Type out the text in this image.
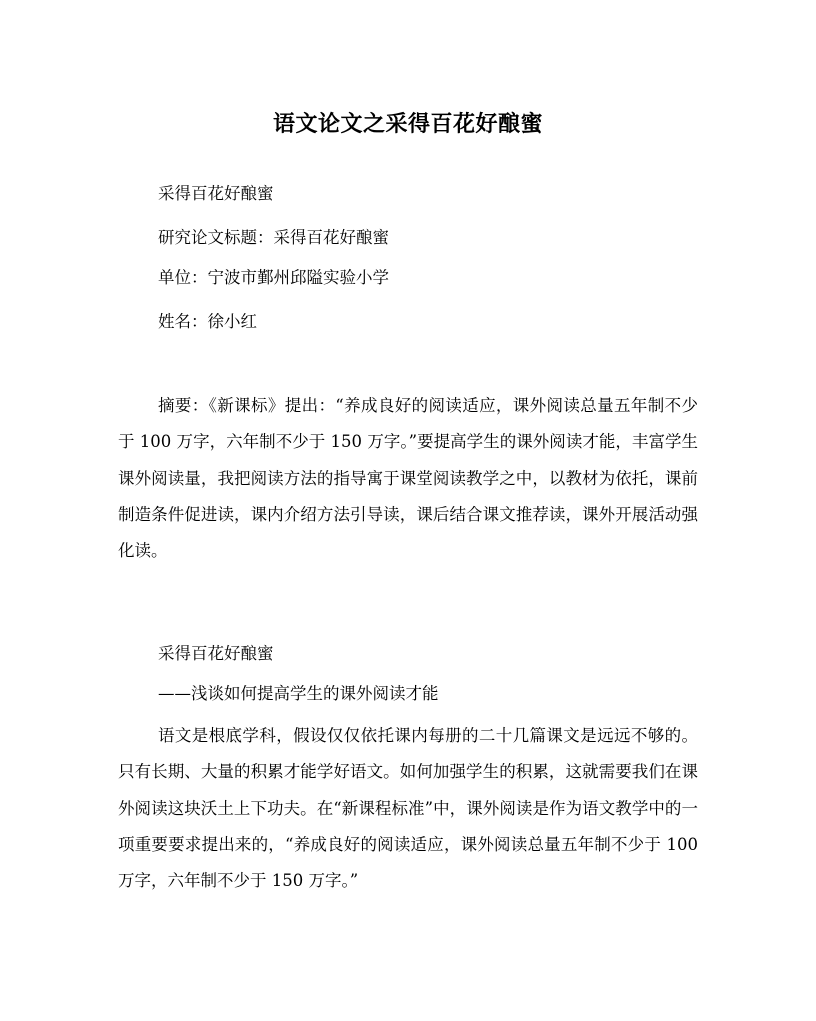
语文论文之采得百花好酿蜜
采得百花好酿蜜
研究论文标题：采得百花好酿蜜
单位：宁波市鄞州邱隘实验小学
姓名：徐小红

摘要：《新课标》提出：“养成良好的阅读适应，课外阅读总量五年制不少于 100 万字，六年制不少于 150 万字。”要提高学生的课外阅读才能，丰富学生课外阅读量，我把阅读方法的指导寓于课堂阅读教学之中，以教材为依托，课前制造条件促进读，课内介绍方法引导读，课后结合课文推荐读，课外开展活动强化读。

采得百花好酿蜜
——浅谈如何提高学生的课外阅读才能

语文是根底学科，假设仅仅依托课内每册的二十几篇课文是远远不够的。只有长期、大量的积累才能学好语文。如何加强学生的积累，这就需要我们在课外阅读这块沃土上下功夫。在“新课程标准”中，课外阅读是作为语文教学中的一项重要要求提出来的，“养成良好的阅读适应，课外阅读总量五年制不少于 100 万字，六年制不少于 150 万字。”
